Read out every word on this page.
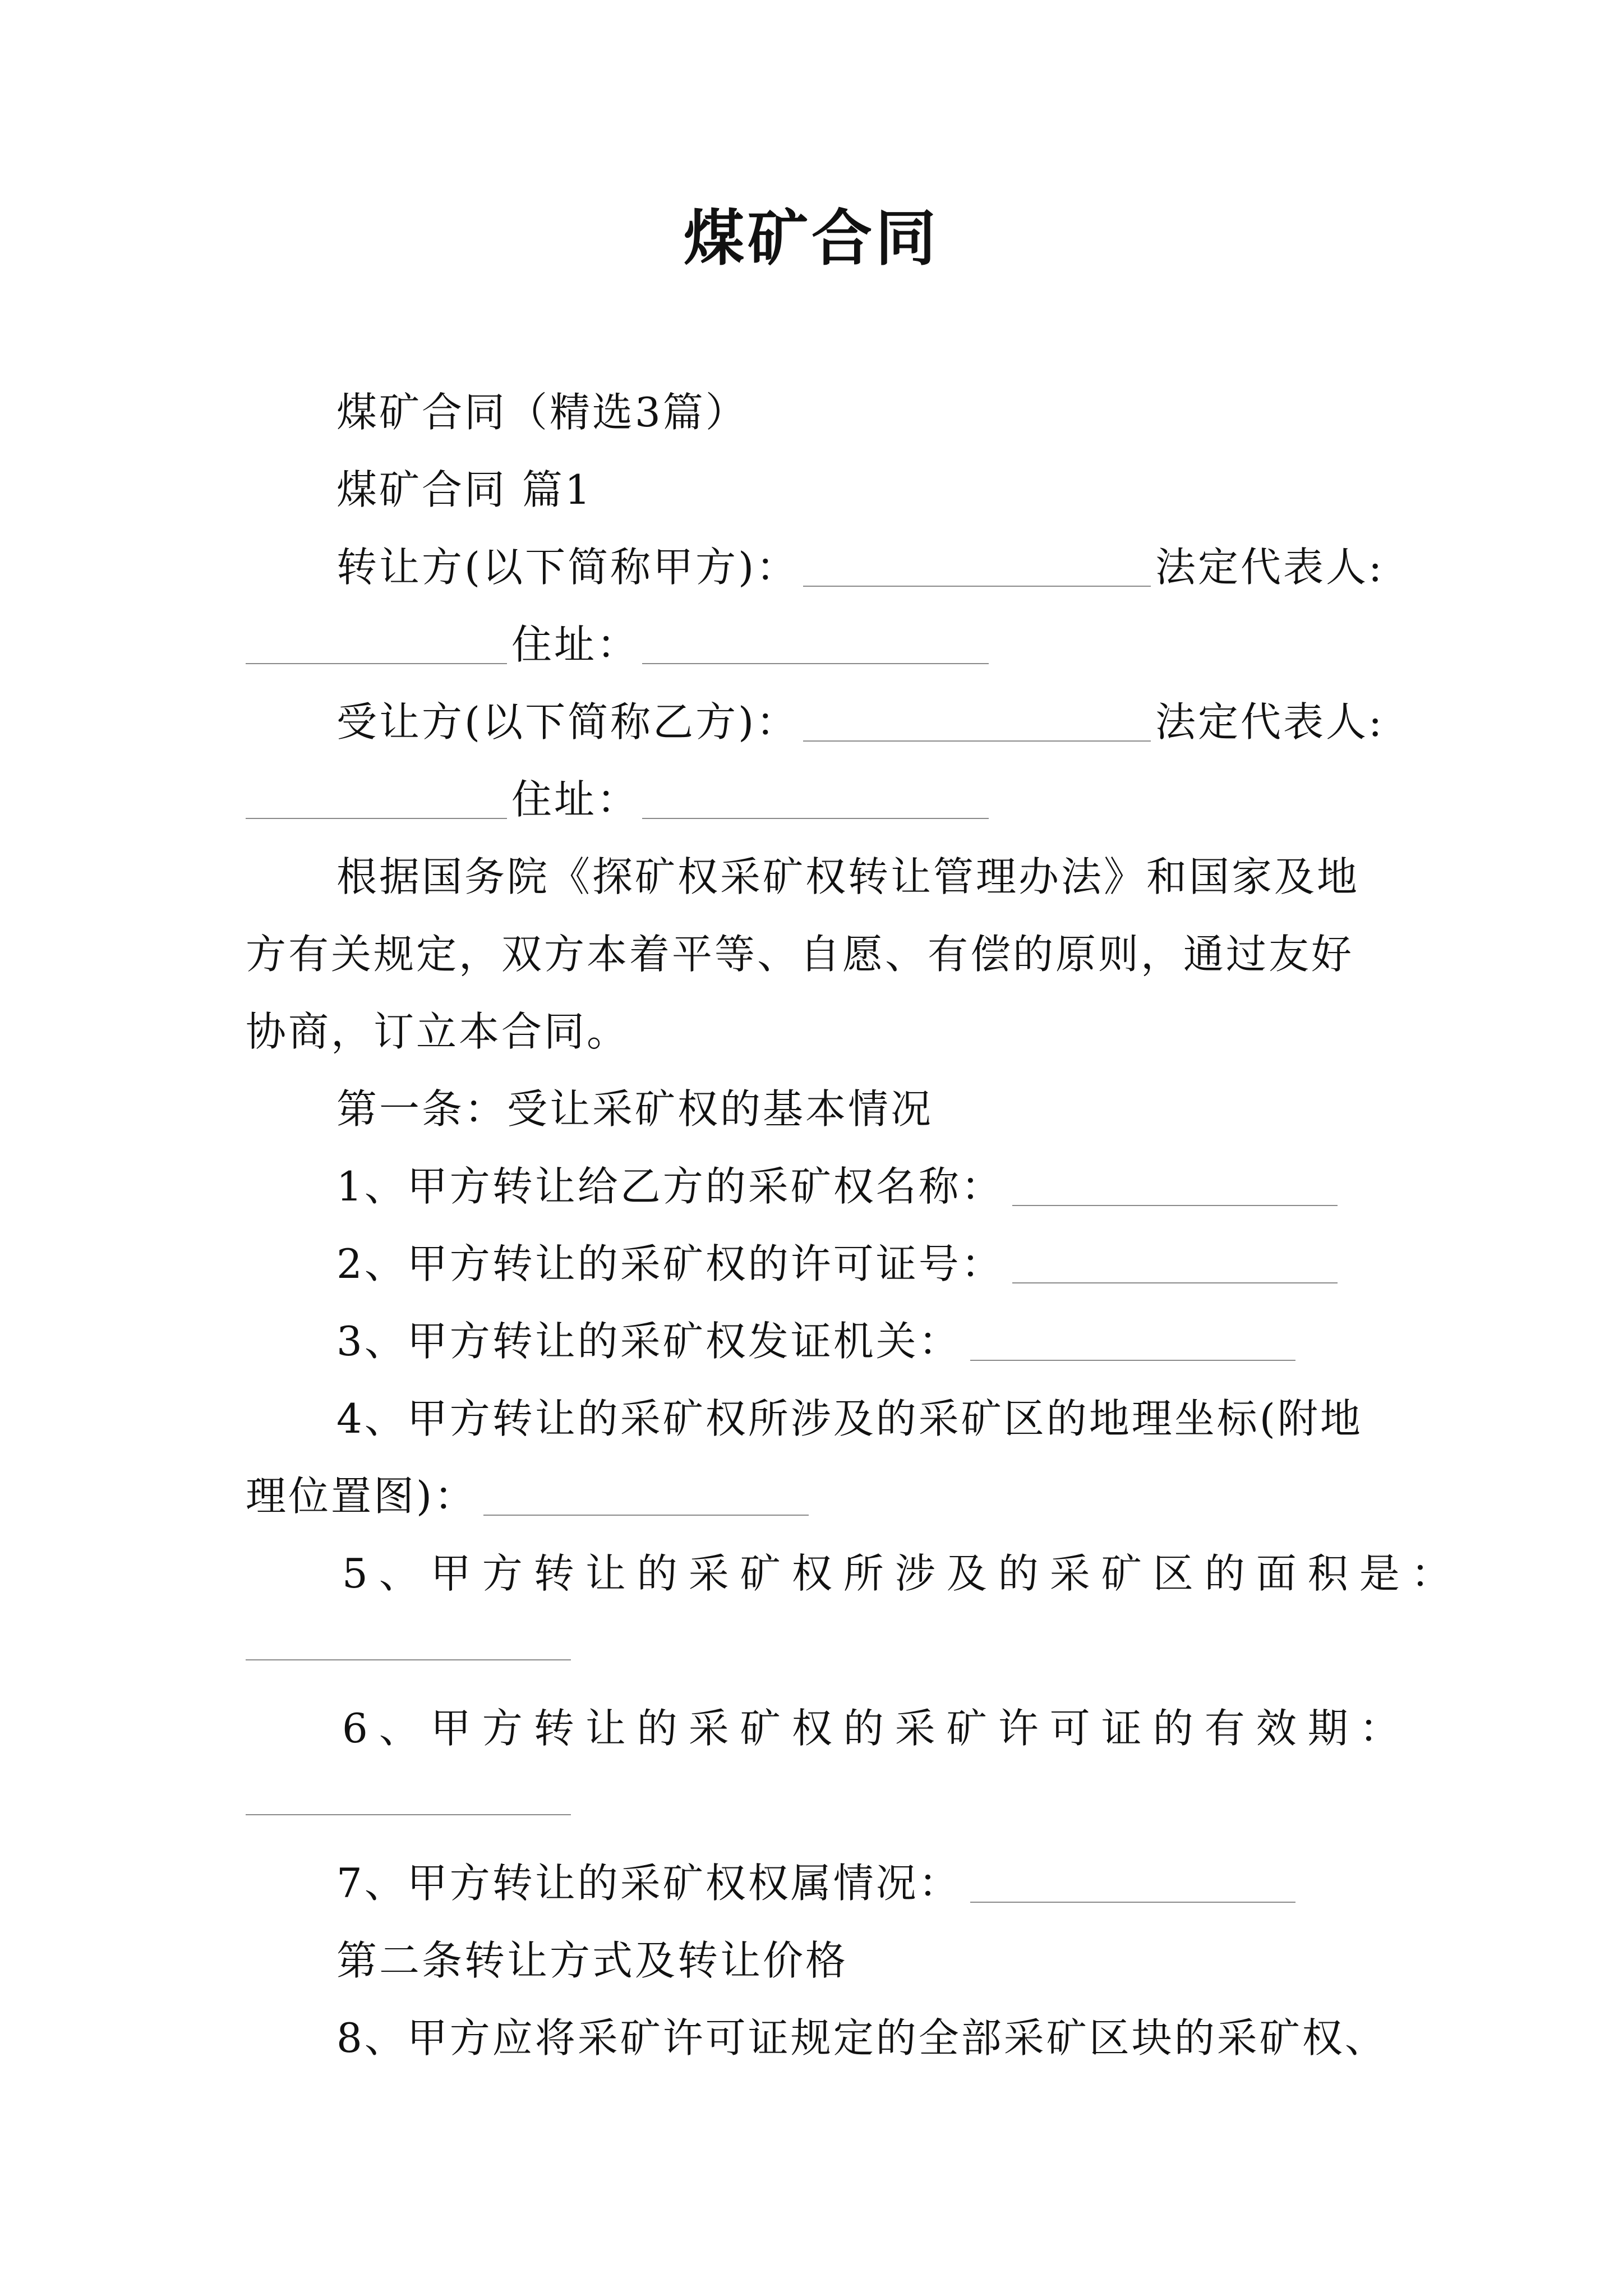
煤矿合同
煤矿合同（精选3篇）
煤矿合同 篇1
转让方(以下简称甲方)：	法定代表人:
住址：
受让方(以下简称乙方)：	法定代表人:
住址：
根据国务院《探矿权采矿权转让管理办法》和国家及地
方有关规定，双方本着平等、自愿、有偿的原则，通过友好
协商，订立本合同。
第一条：受让采矿权的基本情况
1、甲方转让给乙方的采矿权名称：
2、甲方转让的采矿权的许可证号：
3、甲方转让的采矿权发证机关：
4、甲方转让的采矿权所涉及的采矿区的地理坐标(附地
理位置图)：
5、甲方转让的采矿权所涉及的采矿区的面积是：
6、甲方转让的采矿权的采矿许可证的有效期：
7、甲方转让的采矿权权属情况：
第二条转让方式及转让价格
8、甲方应将采矿许可证规定的全部采矿区块的采矿权、
